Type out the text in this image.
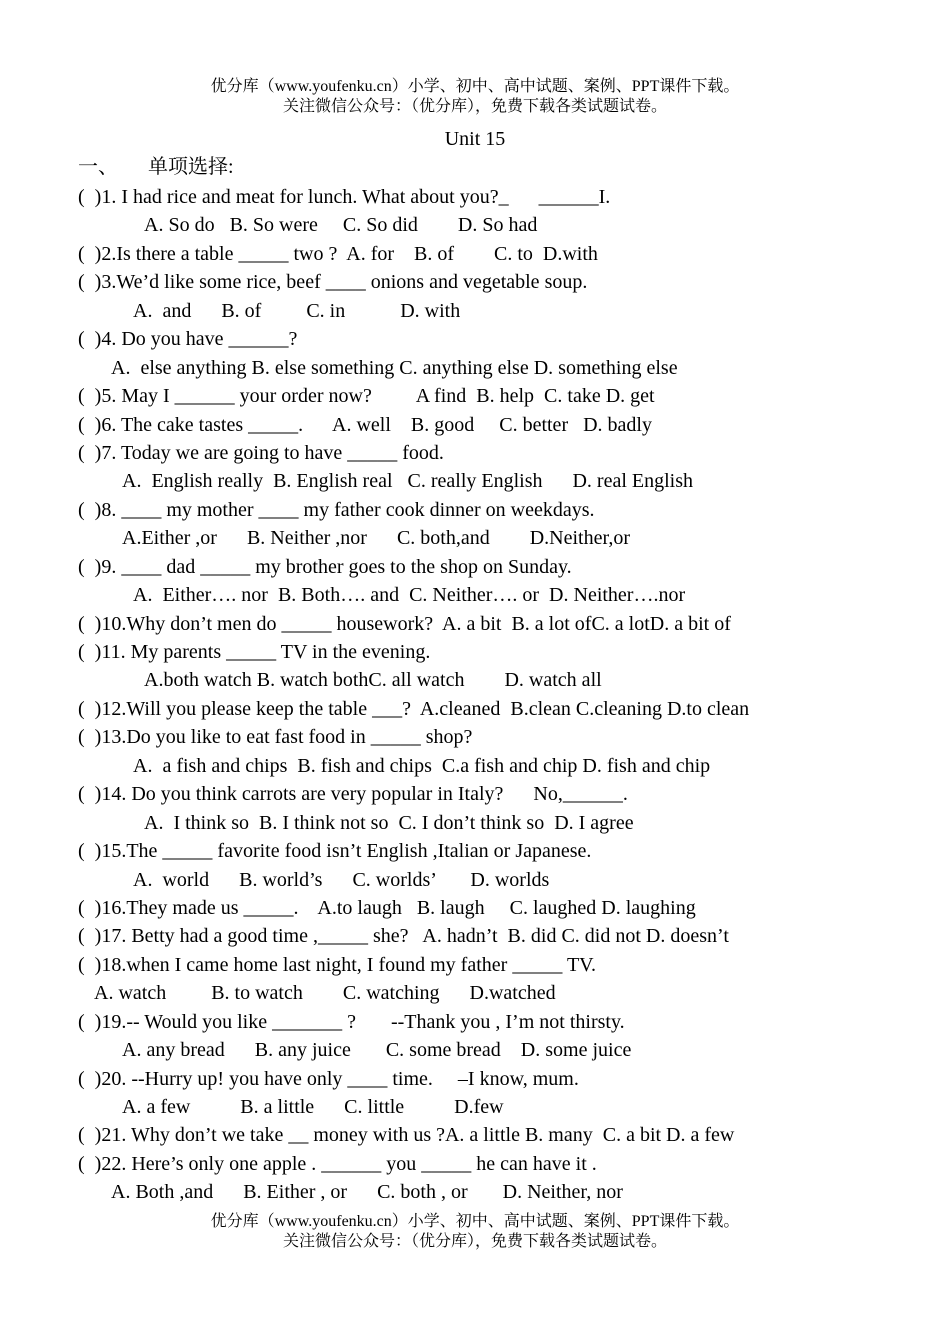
优分库（www.youfenku.cn）小学、初中、高中试题、案例、PPT课件下载。
关注微信公众号：（优分库），免费下载各类试题试卷。
Unit 15
一、      单项选择:
(  )1. I had rice and meat for lunch. What about you?_      ______I.
A. So do   B. So were     C. So did        D. So had
(  )2.Is there a table _____ two ?  A. for    B. of        C. to  D.with
(  )3.We’d like some rice, beef ____ onions and vegetable soup.
A.  and      B. of         C. in           D. with
(  )4. Do you have ______?
A.  else anything B. else something C. anything else D. something else
(  )5. May I ______ your order now?         A find  B. help  C. take D. get
(  )6. The cake tastes _____.      A. well    B. good     C. better   D. badly
(  )7. Today we are going to have _____ food.
A.  English really  B. English real   C. really English      D. real English
(  )8. ____ my mother ____ my father cook dinner on weekdays.
A.Either ,or      B. Neither ,nor      C. both,and        D.Neither,or
(  )9. ____ dad _____ my brother goes to the shop on Sunday.
A.  Either…. nor  B. Both…. and  C. Neither…. or  D. Neither….nor
(  )10.Why don’t men do _____ housework?  A. a bit  B. a lot ofC. a lotD. a bit of
(  )11. My parents _____ TV in the evening.
A.both watch B. watch bothC. all watch        D. watch all
(  )12.Will you please keep the table ___?  A.cleaned  B.clean C.cleaning D.to clean
(  )13.Do you like to eat fast food in _____ shop?
A.  a fish and chips  B. fish and chips  C.a fish and chip D. fish and chip
(  )14. Do you think carrots are very popular in Italy?      No,______.
A.  I think so  B. I think not so  C. I don’t think so  D. I agree
(  )15.The _____ favorite food isn’t English ,Italian or Japanese.
A.  world      B. world’s      C. worlds’       D. worlds
(  )16.They made us _____.    A.to laugh   B. laugh     C. laughed D. laughing
(  )17. Betty had a good time ,_____ she?   A. hadn’t  B. did C. did not D. doesn’t
(  )18.when I came home last night, I found my father _____ TV.
A. watch         B. to watch        C. watching      D.watched
(  )19.-- Would you like _______ ?       --Thank you , I’m not thirsty.
A. any bread      B. any juice       C. some bread    D. some juice
(  )20. --Hurry up! you have only ____ time.     –I know, mum.
A. a few          B. a little      C. little          D.few
(  )21. Why don’t we take __ money with us ?A. a little B. many  C. a bit D. a few
(  )22. Here’s only one apple . ______ you _____ he can have it .
A. Both ,and      B. Either , or      C. both , or       D. Neither, nor
优分库（www.youfenku.cn）小学、初中、高中试题、案例、PPT课件下载。
关注微信公众号：（优分库），免费下载各类试题试卷。
